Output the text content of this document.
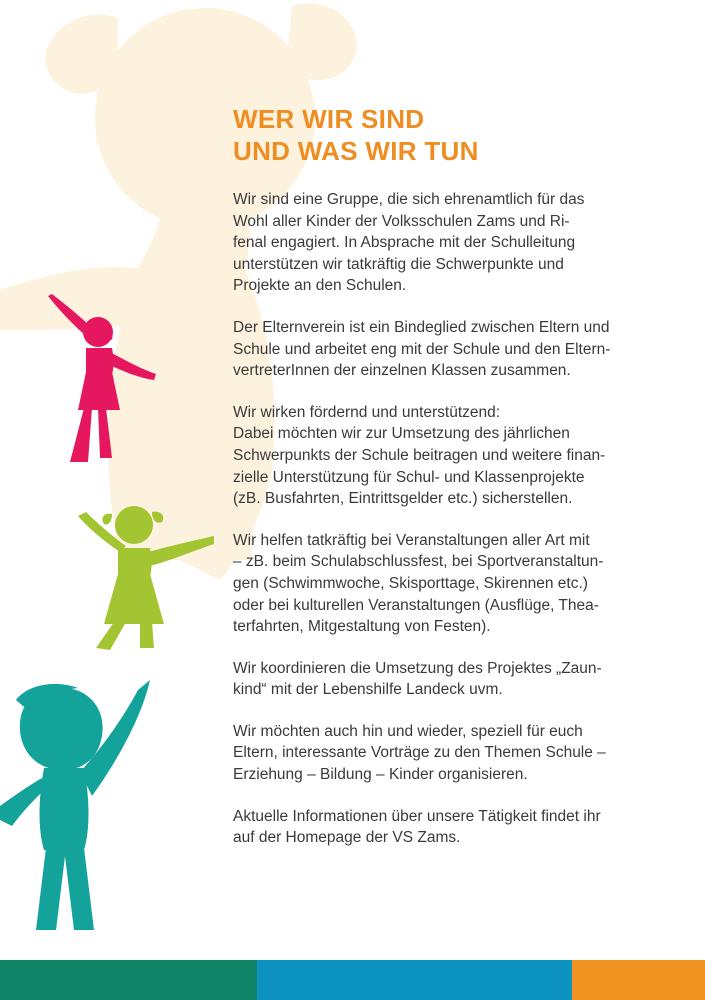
WER WIR SIND
UND WAS WIR TUN

Wir sind eine Gruppe, die sich ehrenamtlich für das
Wohl aller Kinder der Volksschulen Zams und Ri-
fenal engagiert. In Absprache mit der Schulleitung
unterstützen wir tatkräftig die Schwerpunkte und
Projekte an den Schulen.

Der Elternverein ist ein Bindeglied zwischen Eltern und
Schule und arbeitet eng mit der Schule und den Eltern-
vertreterInnen der einzelnen Klassen zusammen.

Wir wirken fördernd und unterstützend:
Dabei möchten wir zur Umsetzung des jährlichen
Schwerpunkts der Schule beitragen und weitere finan-
zielle Unterstützung für Schul- und Klassenprojekte
(zB. Busfahrten, Eintrittsgelder etc.) sicherstellen.

Wir helfen tatkräftig bei Veranstaltungen aller Art mit
– zB. beim Schulabschlussfest, bei Sportveranstaltun-
gen (Schwimmwoche, Skisporttage, Skirennen etc.)
oder bei kulturellen Veranstaltungen (Ausflüge, Thea-
terfahrten, Mitgestaltung von Festen).

Wir koordinieren die Umsetzung des Projektes „Zaun-
kind“ mit der Lebenshilfe Landeck uvm.

Wir möchten auch hin und wieder, speziell für euch
Eltern, interessante Vorträge zu den Themen Schule –
Erziehung – Bildung – Kinder organisieren.

Aktuelle Informationen über unsere Tätigkeit findet ihr
auf der Homepage der VS Zams.
